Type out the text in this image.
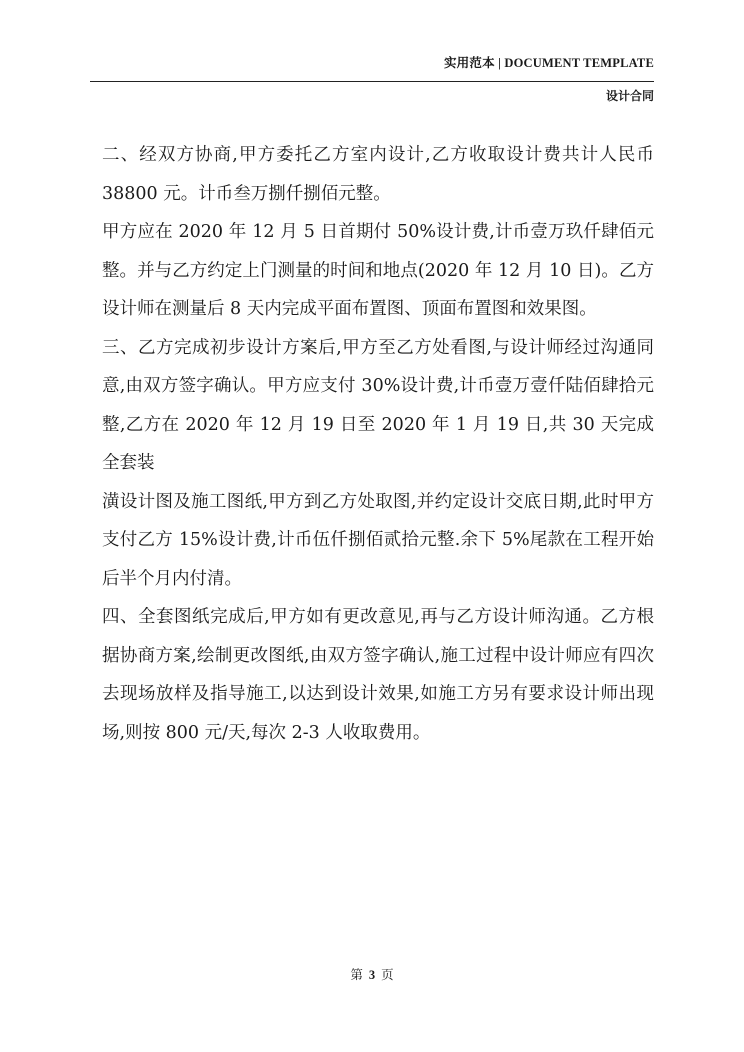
实用范本 | DOCUMENT TEMPLATE
设计合同

二、经双方协商,甲方委托乙方室内设计,乙方收取设计费共计人民币 38800 元。计币叁万捌仟捌佰元整。

甲方应在 2020 年 12 月 5 日首期付 50%设计费,计币壹万玖仟肆佰元整。并与乙方约定上门测量的时间和地点(2020 年 12 月 10 日)。乙方设计师在测量后 8 天内完成平面布置图、顶面布置图和效果图。

三、乙方完成初步设计方案后,甲方至乙方处看图,与设计师经过沟通同意,由双方签字确认。甲方应支付 30%设计费,计币壹万壹仟陆佰肆拾元整,乙方在 2020 年 12 月 19 日至 2020 年 1 月 19 日,共 30 天完成全套装

潢设计图及施工图纸,甲方到乙方处取图,并约定设计交底日期,此时甲方支付乙方 15%设计费,计币伍仟捌佰贰拾元整.余下 5%尾款在工程开始后半个月内付清。

四、全套图纸完成后,甲方如有更改意见,再与乙方设计师沟通。乙方根据协商方案,绘制更改图纸,由双方签字确认,施工过程中设计师应有四次去现场放样及指导施工,以达到设计效果,如施工方另有要求设计师出现场,则按 800 元/天,每次 2-3 人收取费用。

第 3 页
